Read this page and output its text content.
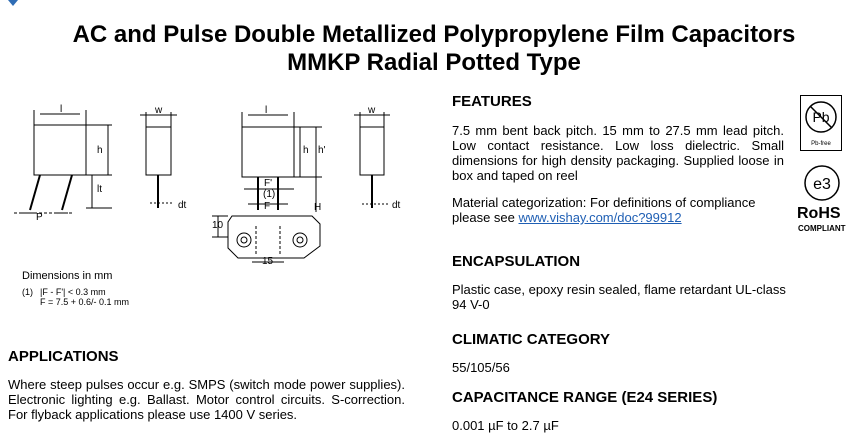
AC and Pulse Double Metallized Polypropylene Film Capacitors
MMKP Radial Potted Type
l
h
lt
P
w
dt
l
h h'
F'
(1)
F	H
10
15
w
dt
Dimensions in mm
(1) |F - F'| < 0.3 mm
F = 7.5 + 0.6/- 0.1 mm
APPLICATIONS
Where steep pulses occur e.g. SMPS (switch mode power supplies). Electronic lighting e.g. Ballast. Motor control circuits. S-correction. For flyback applications please use 1400 V series.
FEATURES
7.5 mm bent back pitch. 15 mm to 27.5 mm lead pitch. Low contact resistance. Low loss dielectric. Small dimensions for high density packaging. Supplied loose in box and taped on reel
Material categorization: For definitions of compliance please see www.vishay.com/doc?99912
ENCAPSULATION
Plastic case, epoxy resin sealed, flame retardant UL-class 94 V-0
CLIMATIC CATEGORY
55/105/56
CAPACITANCE RANGE (E24 SERIES)
0.001 µF to 2.7 µF
Pb
Pb-free
e3
RoHS
COMPLIANT
